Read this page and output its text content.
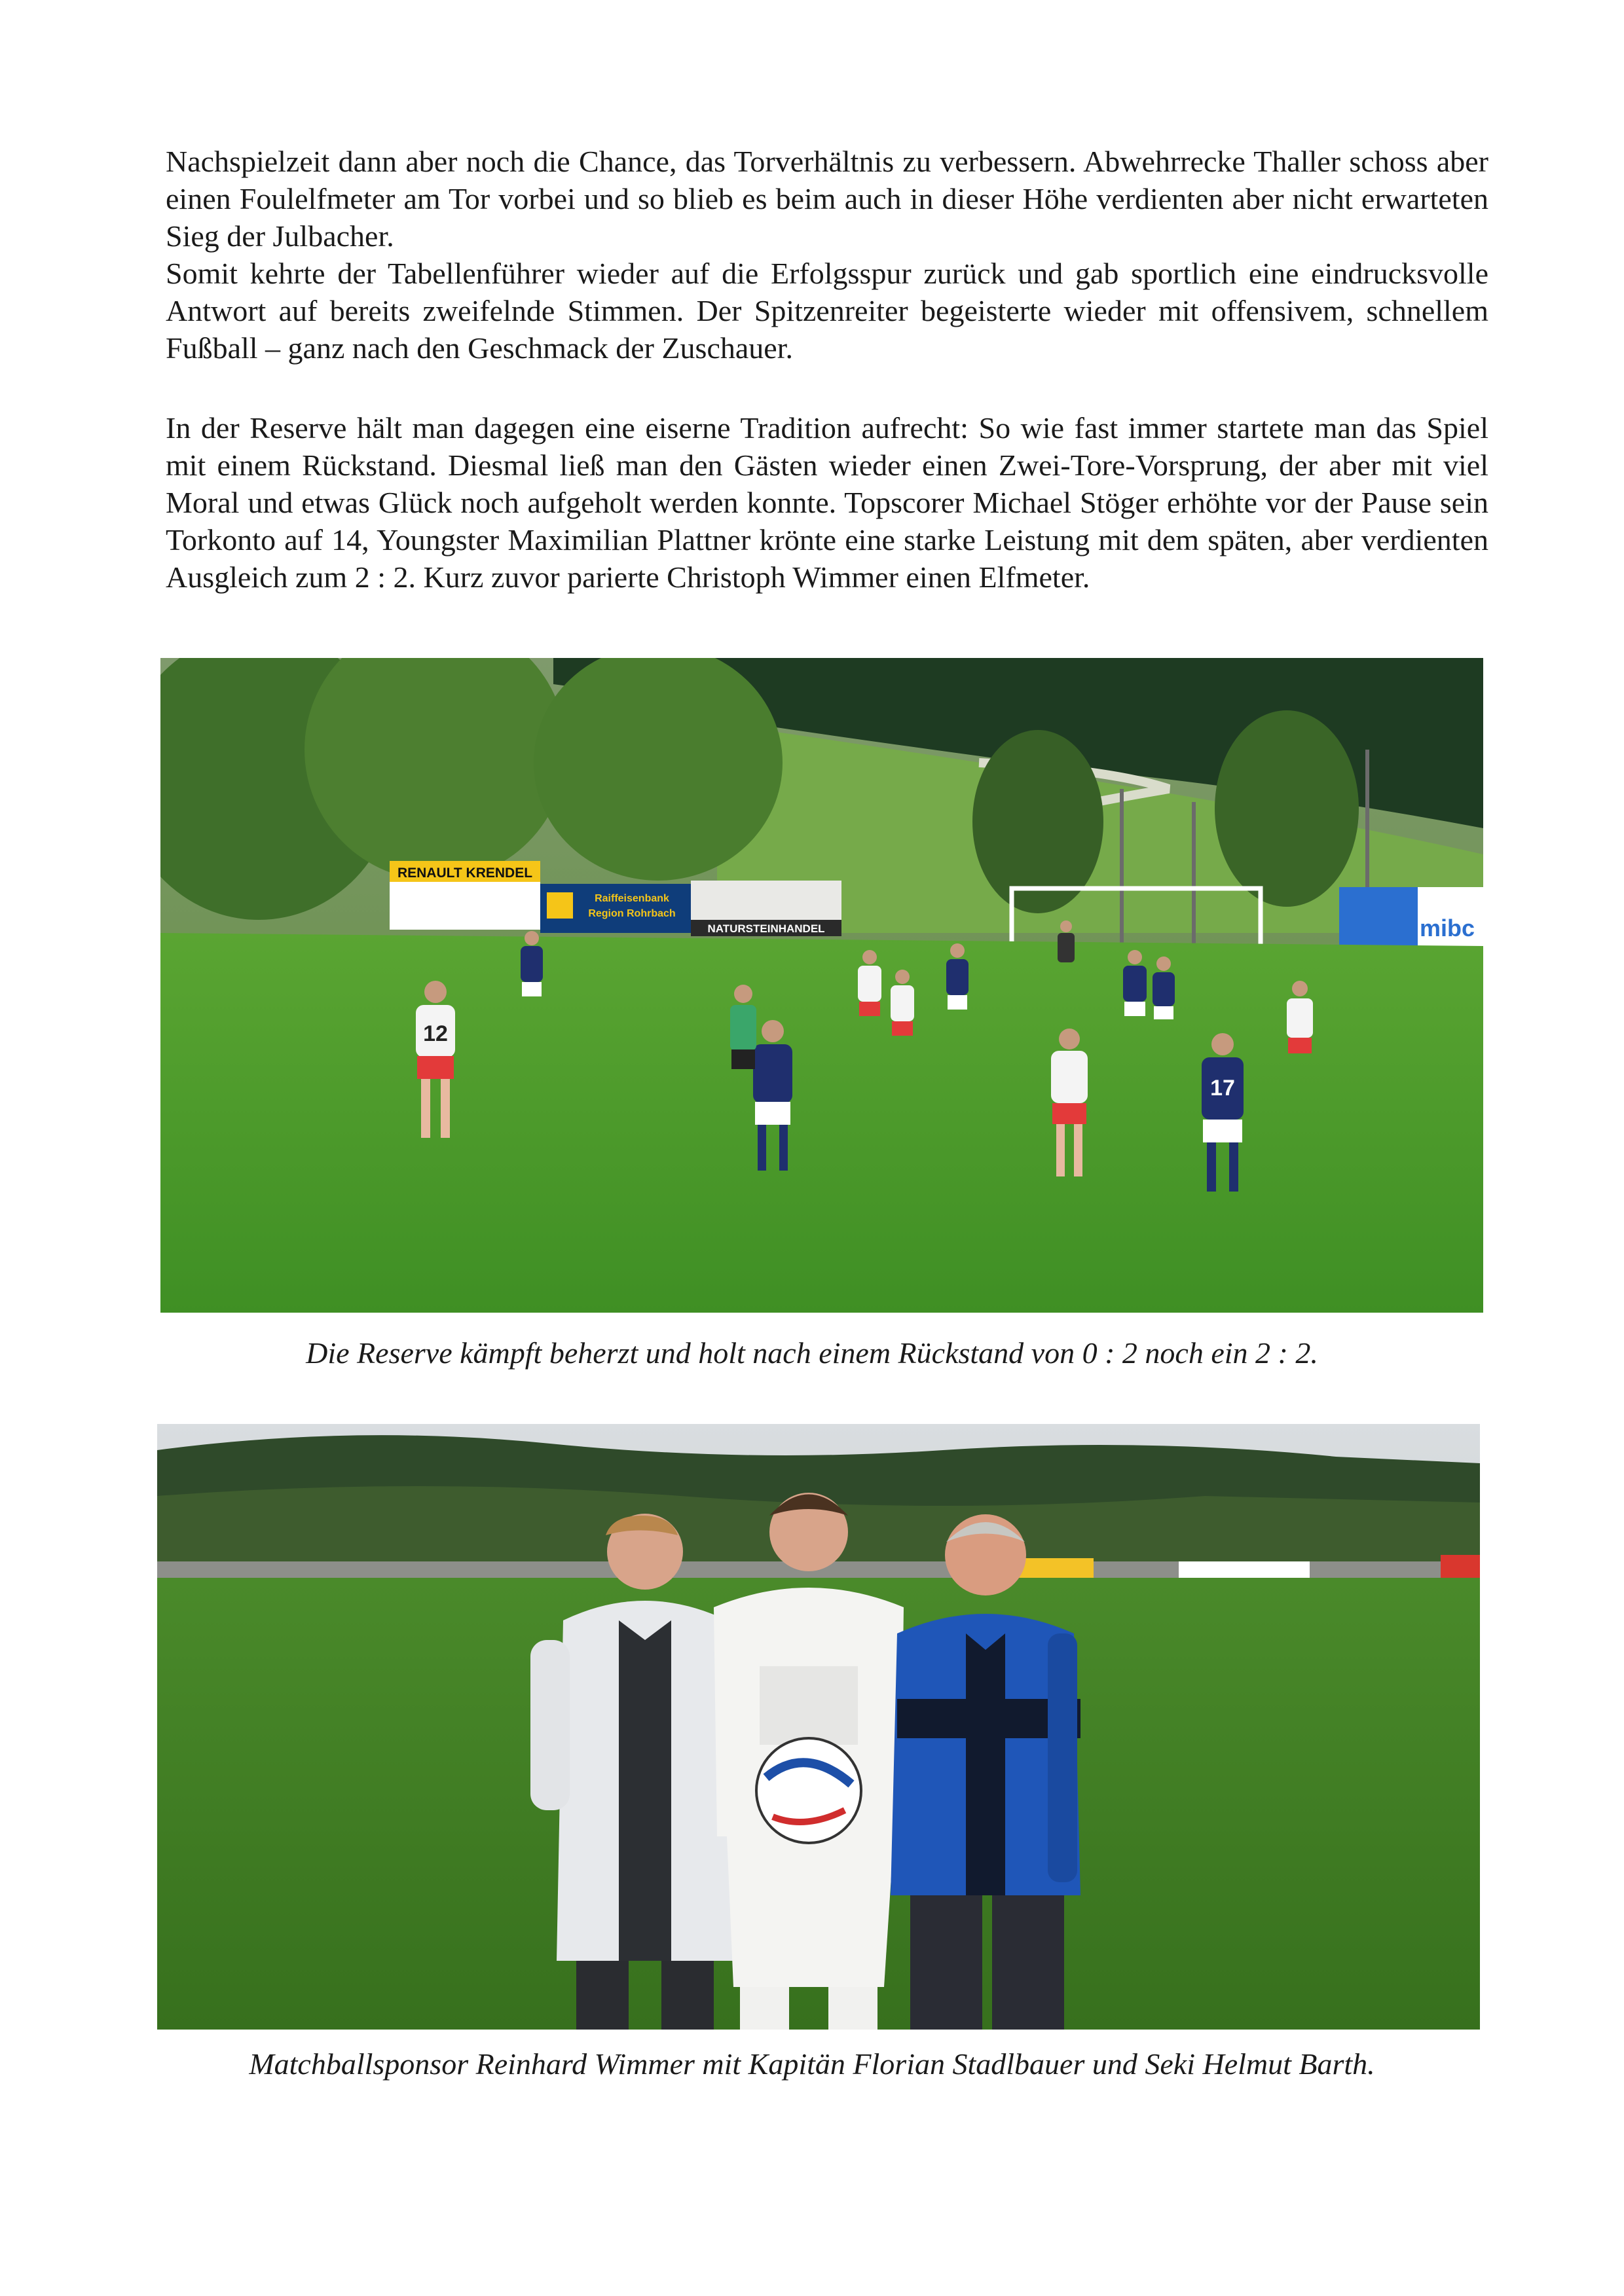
Nachspielzeit dann aber noch die Chance, das Torverhältnis zu verbessern. Abwehrrecke Thaller schoss aber einen Foulelfmeter am Tor vorbei und so blieb es beim auch in dieser Höhe verdienten aber nicht erwarteten Sieg der Julbacher.

Somit kehrte der Tabellenführer wieder auf die Erfolgsspur zurück und gab sportlich eine eindrucksvolle Antwort auf bereits zweifelnde Stimmen. Der Spitzenreiter begeisterte wieder mit offensivem, schnellem Fußball – ganz nach den Geschmack der Zuschauer.

In der Reserve hält man dagegen eine eiserne Tradition aufrecht: So wie fast immer startete man das Spiel mit einem Rückstand. Diesmal ließ man den Gästen wieder einen Zwei-Tore-Vorsprung, der aber mit viel Moral und etwas Glück noch aufgeholt werden konnte. Topscorer Michael Stöger erhöhte vor der Pause sein Torkonto auf 14, Youngster Maximilian Plattner krönte eine starke Leistung mit dem späten, aber verdienten Ausgleich zum 2 : 2. Kurz zuvor parierte Christoph Wimmer einen Elfmeter.

RENAULT KRENDEL
Raiffeisenbank
Region Rohrbach
NATURSTEINHANDEL	mibc
12
17
Die Reserve kämpft beherzt und holt nach einem Rückstand von 0 : 2 noch ein 2 : 2.
Matchballsponsor Reinhard Wimmer mit Kapitän Florian Stadlbauer und Seki Helmut Barth.
